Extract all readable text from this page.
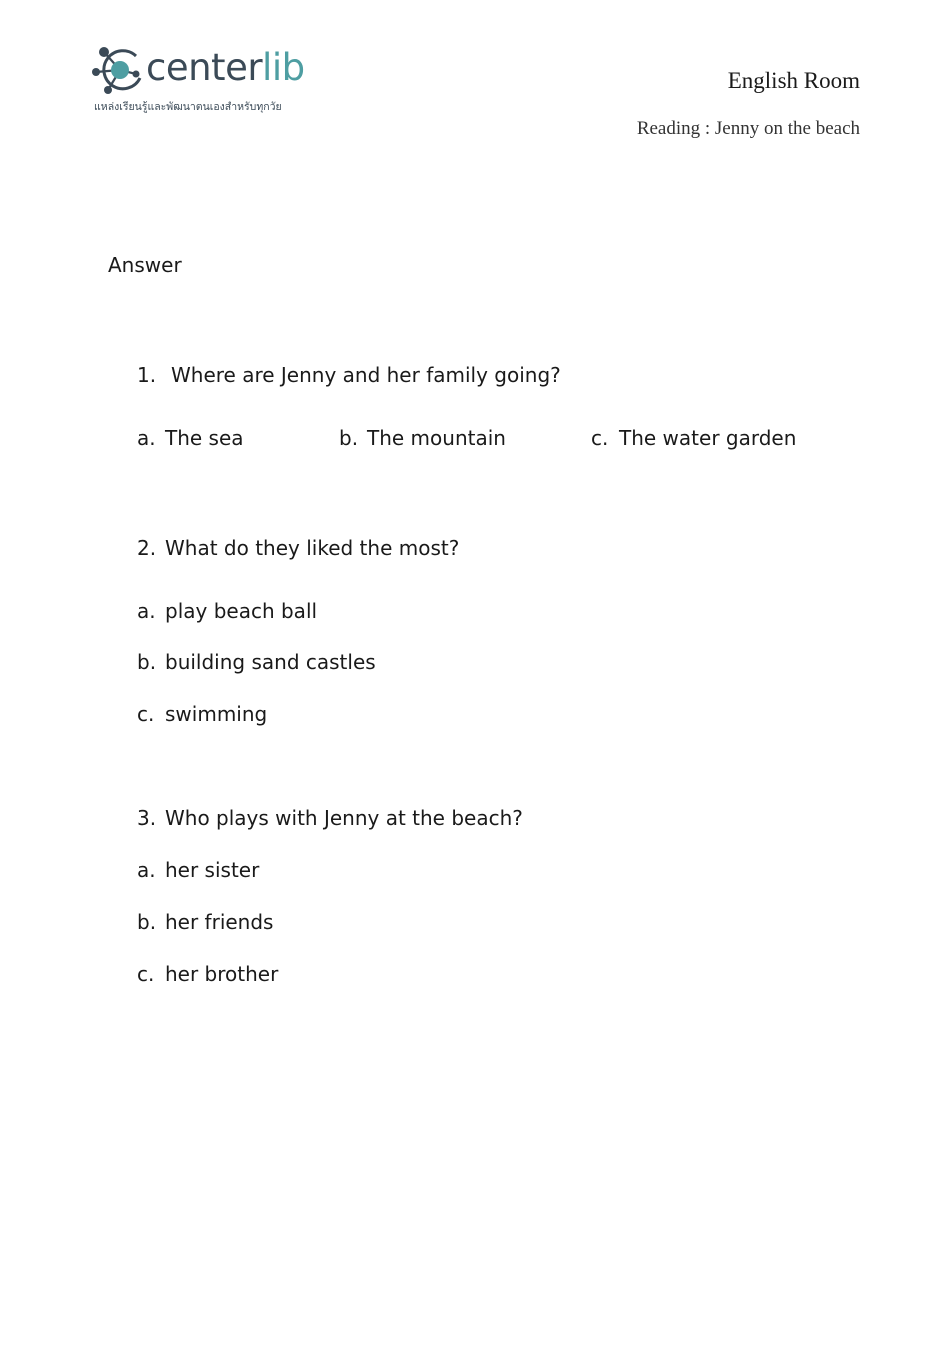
centerlib
แหล่งเรียนรู้และพัฒนาตนเองสำหรับทุกวัย
English Room
Reading : Jenny on the beach
Answer
1. Where are Jenny and her family going?
a. The sea	b. The mountain	c. The water garden
2. What do they liked the most?
a. play beach ball
b. building sand castles
c. swimming
3. Who plays with Jenny at the beach?
a. her sister
b. her friends
c. her brother
